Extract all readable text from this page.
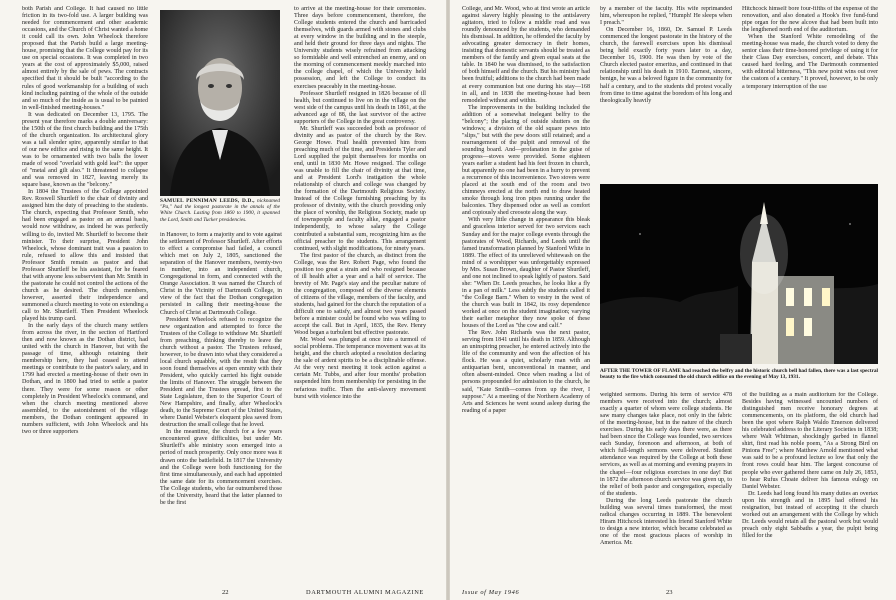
both Parish and College. It had caused no little friction in its two-fold use. A larger building was needed for commencement and other academic occasions, and the Church of Christ wanted a home it could call its own. John Wheelock therefore proposed that the Parish build a large meeting-house, promising that the College would pay for its use on special occasions. It was completed in two years at the cost of approximately $5,000, raised almost entirely by the sale of pews. The contracts specified that it should be built "according to the rules of good workmanship for a building of such kind including painting of the whole of the outside and so much of the inside as is usual to be painted in well-finished meeting-houses."

It was dedicated on December 13, 1795. The present year therefore marks a double anniversary: the 150th of the first church building and the 175th of the church organization. Its architectural glory was a tall slender spire, apparently similar to that of our new edifice and rising to the same height. It was to be ornamented with two balls the lower made of wood "overlaid with gold leaf": the upper of "metal and gilt also." It threatened to collapse and was removed in 1827, leaving merely its square base, known as the "belcony."

In 1804 the Trustees of the College appointed Rev. Roswell Shurtleff to the chair of divinity and assigned him the duty of preaching to the students. The church, expecting that Professor Smith, who had been engaged as pastor on an annual basis, would now withdraw, as indeed he was perfectly willing to do, invited Mr. Shurtleff to become their minister. To their surprise, President John Wheelock, whose dominant trait was a passion to rule, refused to allow this and insisted that Professor Smith remain as pastor and that Professor Shurtleff be his assistant, for he feared that with anyone less subservient than Mr. Smith in the pastorate he could not control the actions of the church as he desired. The church members, however, asserted their independence and summoned a church meeting to vote on extending a call to Mr. Shurtleff. Then President Wheelock played his trump card.

In the early days of the church many settlers from across the river, in the section of Hartford then and now known as the Dothan district, had united with the church in Hanover, but with the passage of time, although retaining their membership here, they had ceased to attend meetings or contribute to the pastor's salary, and in 1799 had erected a meeting-house of their own in Dothan, and in 1800 had tried to settle a pastor there. They were for some reason or other completely in President Wheelock's command, and when the church meeting mentioned above assembled, to the astonishment of the village members, the Dothan contingent appeared in numbers sufficient, with John Wheelock and his two or three supporters

SAMUEL PENNIMAN LEEDS, D.D., nicknamed "Pa," had the longest pastorate in the annals of the White Church. Lasting from 1860 to 1900, it spanned the Lord, Smith and Tucker presidencies.

in Hanover, to form a majority and to vote against the settlement of Professor Shurtleff. After efforts to effect a compromise had failed, a council which met on July 2, 1805, sanctioned the separation of the Hanover members, twenty-two in number, into an independent church, Congregational in form, and connected with the Orange Association. It was named the Church of Christ in the Vicinity of Dartmouth College, in view of the fact that the Dothan congregation persisted in calling their meeting-house the Church of Christ at Dartmouth College.

President Wheelock refused to recognize the new organization and attempted to force the Trustees of the College to withdraw Mr. Shurtleff from preaching, thinking thereby to leave the church without a pastor. The Trustees refused, however, to be drawn into what they considered a local church squabble, with the result that they soon found themselves at open enmity with their President, who quickly carried his fight outside the limits of Hanover. The struggle between the President and the Trustees spread, first to the State Legislature, then to the Superior Court of New Hampshire, and finally, after Wheelock's death, to the Supreme Court of the United States, where Daniel Webster's eloquent plea saved from destruction the small college that he loved.

In the meantime, the church for a few years encountered grave difficulties, but under Mr. Shurtleff's able ministry soon emerged into a period of much prosperity. Only once more was it drawn onto the battlefield. In 1817 the University and the College were both functioning for the first time simultaneously, and each had appointed the same date for its commencement exercises. The College students, who far outnumbered those of the University, heard that the latter planned to be the first

to arrive at the meeting-house for their ceremonies. Three days before commencement, therefore, the College students entered the church and barricaded themselves, with guards armed with stones and clubs at every window in the building and in the steeple, and held their ground for three days and nights. The University students wisely refrained from attacking so formidable and well entrenched an enemy, and on the morning of commencement meekly marched into the college chapel, of which the University held possession, and left the College to conduct its exercises peaceably in the meeting-house.

Professor Shurtleff resigned in 1826 because of ill health, but continued to live on in the village on the west side of the campus until his death in 1861, at the advanced age of 88, the last survivor of the active supporters of the College in the great controversy.

Mr. Shurtleff was succeeded both as professor of divinity and as pastor of the church by the Rev. George Howe. Frail health prevented him from preaching much of the time, and Presidents Tyler and Lord supplied the pulpit themselves for months on end, until in 1830 Mr. Howe resigned. The college was unable to fill the chair of divinity at that time, and at President Lord's instigation the whole relationship of church and college was changed by the formation of the Dartmouth Religious Society. Instead of the College furnishing preaching by its professor of divinity, with the church providing only the place of worship, the Religious Society, made up of townspeople and faculty alike, engaged a pastor independently, to whose salary the College contributed a substantial sum, recognizing him as the official preacher to the students. This arrangement continued, with slight modifications, for ninety years.

The first pastor of the church, as distinct from the College, was the Rev. Robert Page, who found the position too great a strain and who resigned because of ill health after a year and a half of service. The brevity of Mr. Page's stay and the peculiar nature of the congregation, composed of the diverse elements of citizens of the village, members of the faculty, and students, had gained for the church the reputation of a difficult one to satisfy, and almost two years passed before a minister could be found who was willing to accept the call. But in April, 1835, the Rev. Henry Wood began a turbulent but effective pastorate.

Mr. Wood was plunged at once into a turmoil of social problems. The temperance movement was at its height, and the church adopted a resolution declaring the sale of ardent spirits to be a disciplinable offense. At the very next meeting it took action against a certain Mr. Tubbs, and after four months' probation suspended him from membership for persisting in the nefarious traffic. Then the anti-slavery movement burst with violence into the

22	DARTMOUTH ALUMNI MAGAZINE

College, and Mr. Wood, who at first wrote an article against slavery highly pleasing to the antislavery agitators, tried to follow a middle road and was roundly denounced by the students, who demanded his dismissal. In addition, he offended the faculty by advocating greater democracy in their homes, insisting that domestic servants should be treated as members of the family and given equal seats at the table. In 1840 he was dismissed, to the satisfaction of both himself and the church. But his ministry had been fruitful; additions to the church had been made at every communion but one during his stay—168 in all, and in 1838 the meeting-house had been remodeled without and within.

The improvements in the building included the addition of a somewhat inelegant belfry to the "belcony"; the placing of outside shutters on the windows; a division of the old square pews into "slips," but with the pew doors still retained; and a rearrangement of the pulpit and removal of the sounding board. And—profanation in the guise of progress—stoves were provided. Some eighteen years earlier a student had his feet frozen in church, but apparently no one had been in a hurry to prevent a recurrence of this inconvenience. Two stoves were placed at the south end of the room and two chimneys erected at the north end to draw heated smoke through long iron pipes running under the balconies. They dispensed odor as well as comfort and copiously shed creosote along the way.

With very little change in appearance this bleak and graceless interior served for two services each Sunday and for the major college events through the pastorates of Wood, Richards, and Leeds until the famed transformation planned by Stanford White in 1889. The effect of its unrelieved whitewash on the mind of a worshipper was unforgettably expressed by Mrs. Susan Brown, daughter of Pastor Shurtleff, and one not inclined to speak lightly of pastors. Said she: "When Dr. Leeds preaches, he looks like a fly in a pan of milk." Less subtly the students called it "the College Barn." When to vestry in the west of the church was built in 1842, its rosy dependence worked at once on the student imagination; varying their earlier metaphor they now spoke of these houses of the Lord as "the cow and calf."

The Rev. John Richards was the next pastor, serving from 1841 until his death in 1859. Although an uninspiring preacher, he entered actively into the life of the community and won the affection of his flock. He was a quiet, scholarly man with an antiquarian bent, unconventional in manner, and often absent-minded. Once when reading a list of persons propounded for admission to the church, he said, "Kate Smith—comes from up the river, I suppose." At a meeting of the Northern Academy of Arts and Sciences he went sound asleep during the reading of a paper

by a member of the faculty. His wife reprimanded him, whereupon he replied, "Humph! He sleeps when I preach."

On December 16, 1860, Dr. Samuel P. Leeds commenced the longest pastorate in the history of the church, the farewell exercises upon his dismissal being held exactly forty years later to a day, December 16, 1900. He was then by vote of the Church elected pastor emeritus, and continued in that relationship until his death in 1910. Earnest, sincere, benign, he was a beloved figure in the community for half a century, and to the students did protest vocally from time to time against the boredom of his long and theologically heavily

Hitchcock himself bore four-fifths of the expense of the renovation, and also donated a Hook's five fund-fund pipe organ for the new alcove that had been built into the lengthened north end of the auditorium.

When the Stanford White remodeling of the meeting-house was made, the church voted to deny the senior class their time-honored privilege of using it for their Class Day exercises, concert, and debate. This caused hard feeling, and The Dartmouth commented with editorial bitterness, "This new point wins out over the custom of a century." It proved, however, to be only a temporary interruption of the use

AFTER THE TOWER OF FLAME had reached the belfry and the historic church bell had fallen, there was a last spectral beauty to the fire which consumed the old church edifice on the evening of May 13, 1931.

weighted sermons. During his term of service 478 members were received into the church; almost exactly a quarter of whom were college students. He saw many changes take place, not only in the fabric of the meeting-house, but in the nature of the church exercises. During his early days there were, as there had been since the College was founded, two services each Sunday, forenoon and afternoon, at both of which full-length sermons were delivered. Student attendance was required by the College at both these services, as well as at morning and evening prayers in the chapel—four religious exercises in one day! But in 1872 the afternoon church service was given up, to the relief of both pastor and congregation, especially of the students.

During the long Leeds pastorate the church building was several times transformed, the most radical changes occurring in 1889. The benevolent Hiram Hitchcock interested his friend Stanford White to design a new interior, which became celebrated as one of the most gracious places of worship in America. Mr.

of the building as a main auditorium for the College. Besides having witnessed uncounted numbers of distinguished men receive honorary degrees at commencements, on its platform, the old church had been the spot where Ralph Waldo Emerson delivered his celebrated address to the Literary Societies in 1838; where Walt Whitman, shockingly garbed in flannel shirt, first read his noble poem, "As a Strong Bird on Pinions Free"; where Matthew Arnold mentioned what was said to be a profound lecture so low that only the front rows could hear him. The largest concourse of people who ever gathered there came on July 26, 1853, to hear Rufus Choate deliver his famous eulogy on Daniel Webster.

Dr. Leeds had long found his many duties an overtax upon his strength and in 1895 had offered his resignation, but instead of accepting it the church worked out an arrangement with the College by which Dr. Leeds would retain all the pastoral work but would preach only eight Sabbaths a year, the pulpit being filled for the

Issue of May 1946	23
